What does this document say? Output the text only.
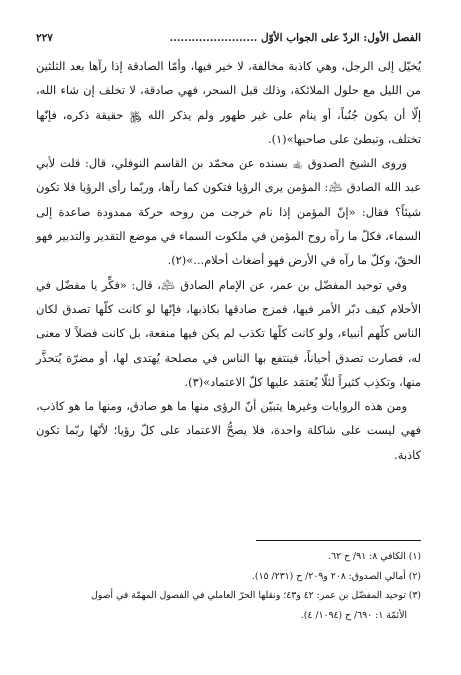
الفصل الأول: الردّ على الجواب الأوّل ........................
٢٢٧

يُخيّل إلى الرجل، وهي كاذبة مخالفة، لا خير فيها، وأمّا الصادقة إذا رآها بعد الثلثين من الليل مع حلول الملائكة، وذلك قبل السحر، فهي صادقة، لا تخلف إن شاء الله، إلّا أن يكون جُنُباً، أو ينام على غير طهور ولم يذكر الله ﷿ حقيقة ذكره، فإنّها تختلف، وتبطئ على صاحبها»(١).

وروى الشيخ الصدوق ﵀ بسنده عن محمّد بن القاسم النوفلي، قال: قلت لأبي عبد الله الصادق ﵇: المؤمن يرى الرؤيا فتكون كما رآها، وربّما رأى الرؤيا فلا تكون شيئاً؟ فقال: «إنّ المؤمن إذا نام خرجت من روحه حركة ممدودة صاعدة إلى السماء، فكلّ ما رآه روح المؤمن في ملكوت السماء في موضع التقدير والتدبير فهو الحقّ، وكلّ ما رآه في الأرض فهو أضغاث أحلام...»(٢).

وفي توحيد المفضّل بن عمر، عن الإمام الصادق ﵇، قال: «فكِّر يا مفضّل في الأحلام كيف دبّر الأمر فيها، فمزج صادقها بكاذبها، فإنّها لو كانت كلّها تصدق لكان الناس كلّهم أنبياء، ولو كانت كلّها تكذب لم يكن فيها منفعة، بل كانت فضلاً لا معنى له، فصارت تصدق أحياناً، فينتفع بها الناس في مصلحة يُهتدى لها، أو مضرّة يُتحذَّر منها، وتكذِب كثيراً لئلّا يُعتمَد عليها كلّ الاعتماد»(٣).

ومن هذه الروايات وغيرها يتبيّن أنّ الرؤى منها ما هو صادق، ومنها ما هو كاذب، فهي ليست على شاكلة واحدة، فلا يصحُّ الاعتماد على كلّ رؤيا؛ لأنّها ربّما تكون كاذبة.

(١) الكافي ٨: ٩١/ ح ٦٢.

(٢) أمالي الصدوق: ٢٠٨ و٢٠٩/ ح (٢٣١/ ١٥).

(٣) توحيد المفضّل بن عمر: ٤٢ و٤٣؛ ونقلها الحرّ العاملي في الفصول المهمّة في أصول

الأئمّة ١: ٦٩٠/ ح (١٠٩٤/ ٤).
